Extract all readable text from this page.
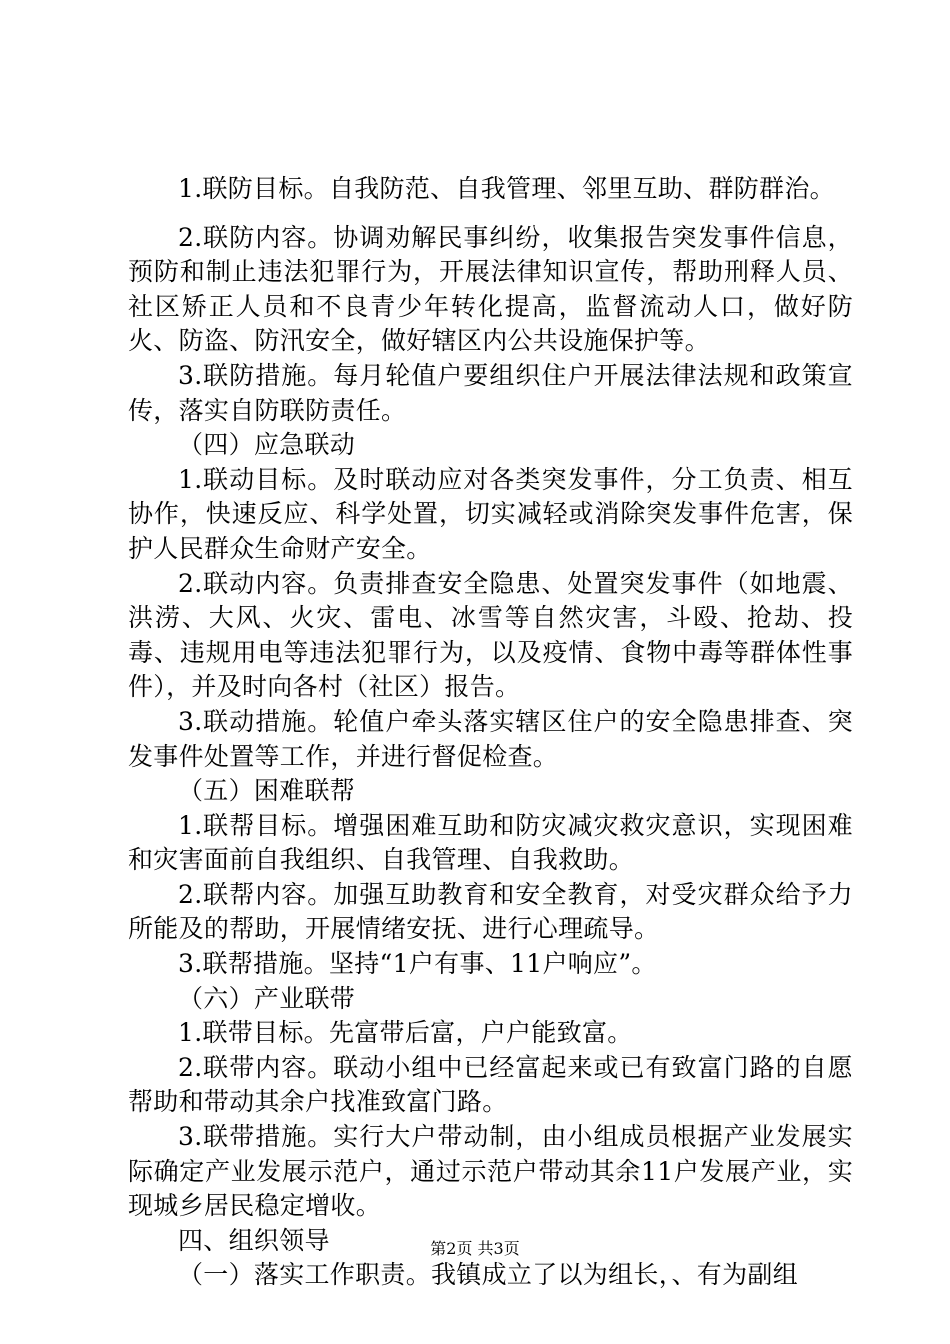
1.联防目标。自我防范、自我管理、邻里互助、群防群治。

2.联防内容。协调劝解民事纠纷，收集报告突发事件信息，预防和制止违法犯罪行为，开展法律知识宣传，帮助刑释人员、社区矫正人员和不良青少年转化提高，监督流动人口，做好防火、防盗、防汛安全，做好辖区内公共设施保护等。

3.联防措施。每月轮值户要组织住户开展法律法规和政策宣传，落实自防联防责任。

（四）应急联动

1.联动目标。及时联动应对各类突发事件，分工负责、相互协作，快速反应、科学处置，切实减轻或消除突发事件危害，保护人民群众生命财产安全。

2.联动内容。负责排查安全隐患、处置突发事件（如地震、洪涝、大风、火灾、雷电、冰雪等自然灾害，斗殴、抢劫、投毒、违规用电等违法犯罪行为，以及疫情、食物中毒等群体性事件），并及时向各村（社区）报告。

3.联动措施。轮值户牵头落实辖区住户的安全隐患排查、突发事件处置等工作，并进行督促检查。

（五）困难联帮

1.联帮目标。增强困难互助和防灾减灾救灾意识，实现困难和灾害面前自我组织、自我管理、自我救助。

2.联帮内容。加强互助教育和安全教育，对受灾群众给予力所能及的帮助，开展情绪安抚、进行心理疏导。

3.联帮措施。坚持“1户有事、11户响应”。

（六）产业联带

1.联带目标。先富带后富，户户能致富。

2.联带内容。联动小组中已经富起来或已有致富门路的自愿帮助和带动其余户找准致富门路。

3.联带措施。实行大户带动制，由小组成员根据产业发展实际确定产业发展示范户，通过示范户带动其余11户发展产业，实现城乡居民稳定增收。

四、组织领导

（一）落实工作职责。我镇成立了以为组长，、有为副组

第2页 共3页
